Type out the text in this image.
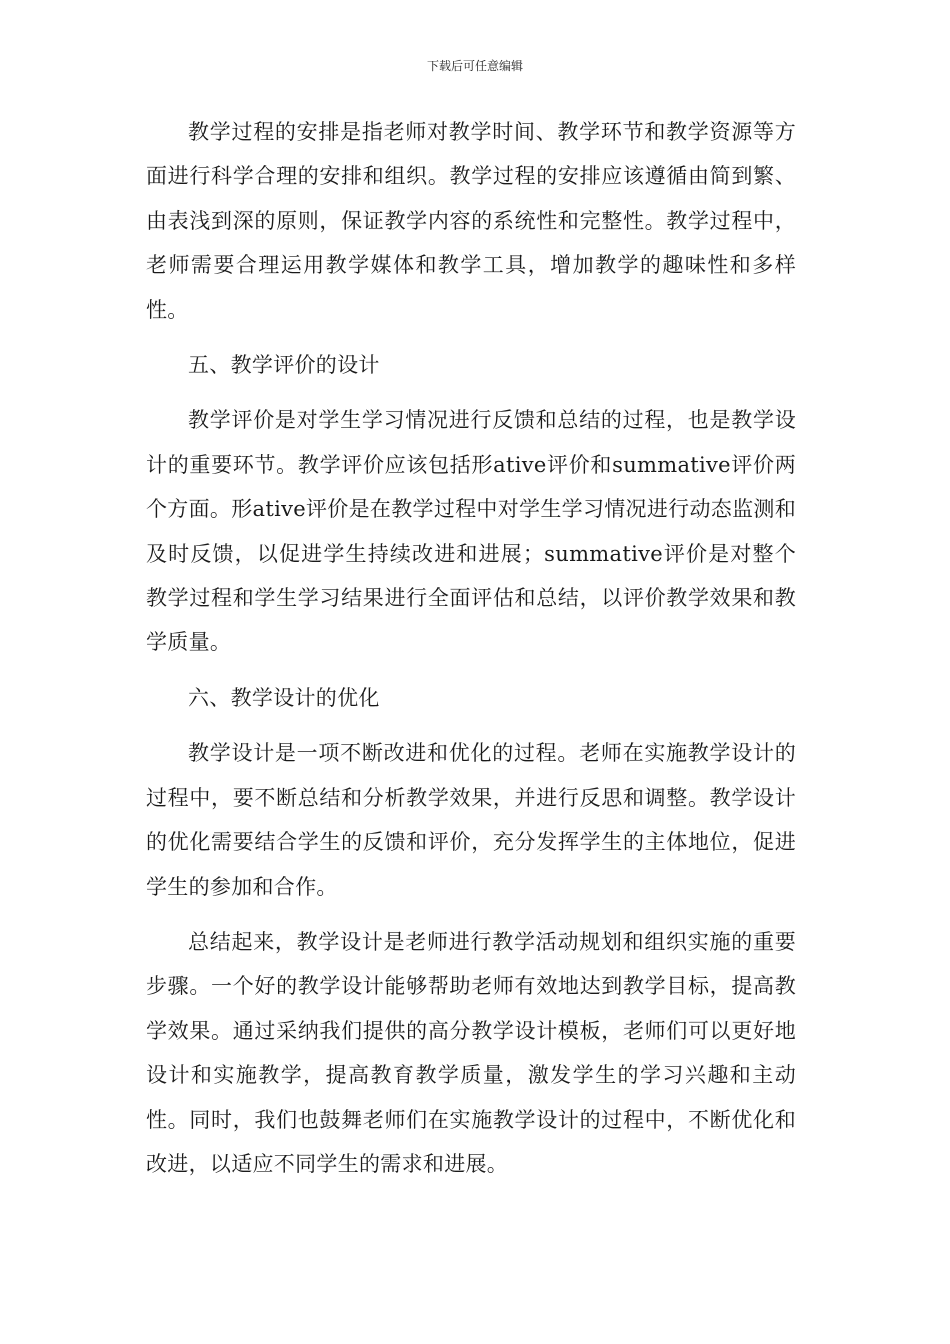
下载后可任意编辑

教学过程的安排是指老师对教学时间、教学环节和教学资源等方面进行科学合理的安排和组织。教学过程的安排应该遵循由简到繁、由表浅到深的原则，保证教学内容的系统性和完整性。教学过程中，老师需要合理运用教学媒体和教学工具，增加教学的趣味性和多样性。

五、教学评价的设计

教学评价是对学生学习情况进行反馈和总结的过程，也是教学设计的重要环节。教学评价应该包括形ative评价和summative评价两个方面。形ative评价是在教学过程中对学生学习情况进行动态监测和及时反馈，以促进学生持续改进和进展；summative评价是对整个教学过程和学生学习结果进行全面评估和总结，以评价教学效果和教学质量。

六、教学设计的优化

教学设计是一项不断改进和优化的过程。老师在实施教学设计的过程中，要不断总结和分析教学效果，并进行反思和调整。教学设计的优化需要结合学生的反馈和评价，充分发挥学生的主体地位，促进学生的参加和合作。

总结起来，教学设计是老师进行教学活动规划和组织实施的重要步骤。一个好的教学设计能够帮助老师有效地达到教学目标，提高教学效果。通过采纳我们提供的高分教学设计模板，老师们可以更好地设计和实施教学，提高教育教学质量，激发学生的学习兴趣和主动性。同时，我们也鼓舞老师们在实施教学设计的过程中，不断优化和改进，以适应不同学生的需求和进展。
